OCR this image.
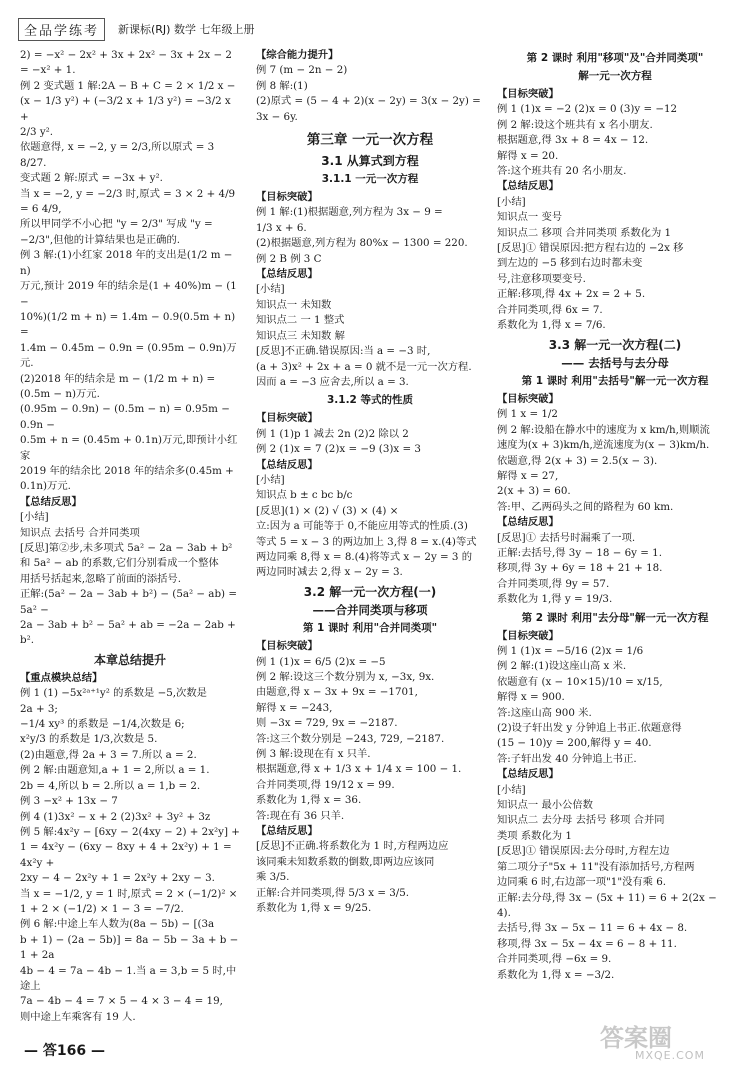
全品学练考	新课标(RJ) 数学 七年级上册

2) = −x² − 2x² + 3x + 2x² − 3x + 2x − 2

= −x² + 1.

例 2 变式题 1 解:2A − B + C = 2 × 1/2 x −

(x − 1/3 y²) + (−3/2 x + 1/3 y²) = −3/2 x +

2/3 y².

依题意得, x = −2, y = 2/3,所以原式 = 3 8/27.

变式题 2 解:原式 = −3x + y².

当 x = −2, y = −2/3 时,原式 = 3 × 2 + 4/9 = 6 4/9,

所以甲同学不小心把 "y = 2/3" 写成 "y =

−2/3",但他的计算结果也是正确的.

例 3 解:(1)小红家 2018 年的支出是(1/2 m − n)

万元,预计 2019 年的结余是(1 + 40%)m − (1 −

10%)(1/2 m + n) = 1.4m − 0.9(0.5m + n) =

1.4m − 0.45m − 0.9n = (0.95m − 0.9n)万元.

(2)2018 年的结余是 m − (1/2 m + n) =

(0.5m − n)万元.

(0.95m − 0.9n) − (0.5m − n) = 0.95m − 0.9n −

0.5m + n = (0.45m + 0.1n)万元,即预计小红家

2019 年的结余比 2018 年的结余多(0.45m +

0.1n)万元.

【总结反思】

[小结]

知识点 去括号 合并同类项

[反思]第②步,未多项式 5a² − 2a − 3ab + b²

和 5a² − ab 的系数,它们分别看成一个整体

用括号括起来,忽略了前面的添括号.

正解:(5a² − 2a − 3ab + b²) − (5a² − ab) = 5a² −

2a − 3ab + b² − 5a² + ab = −2a − 2ab + b².

本章总结提升

【重点模块总结】

例 1 (1) −5x²ᵃ⁺¹y² 的系数是 −5,次数是

2a + 3;

−1/4 xy³ 的系数是 −1/4,次数是 6;

x²y/3 的系数是 1/3,次数是 5.

(2)由题意,得 2a + 3 = 7.所以 a = 2.

例 2 解:由题意知,a + 1 = 2,所以 a = 1.

2b = 4,所以 b = 2.所以 a = 1,b = 2.

例 3 −x² + 13x − 7

例 4 (1)3x² − x + 2 (2)3x² + 3y² + 3z

例 5 解:4x²y − [6xy − 2(4xy − 2) + 2x²y] +

1 = 4x²y − (6xy − 8xy + 4 + 2x²y) + 1 = 4x²y +

2xy − 4 − 2x²y + 1 = 2x²y + 2xy − 3.

当 x = −1/2, y = 1 时,原式 = 2 × (−1/2)² ×

1 + 2 × (−1/2) × 1 − 3 = −7/2.

例 6 解:中途上车人数为(8a − 5b) − [(3a

b + 1) − (2a − 5b)] = 8a − 5b − 3a + b − 1 + 2a

4b − 4 = 7a − 4b − 1.当 a = 3,b = 5 时,中途上

7a − 4b − 4 = 7 × 5 − 4 × 3 − 4 = 19,

则中途上车乘客有 19 人.

【综合能力提升】

例 7 (m − 2n − 2)

例 8 解:(1)

(2)原式 = (5 − 4 + 2)(x − 2y) = 3(x − 2y) =

3x − 6y.

第三章 一元一次方程

3.1 从算式到方程

3.1.1 一元一次方程

【目标突破】

例 1 解:(1)根据题意,列方程为 3x − 9 =

1/3 x + 6.

(2)根据题意,列方程为 80%x − 1300 = 220.

例 2 B 例 3 C

【总结反思】

[小结]

知识点一 未知数

知识点二 一 1 整式

知识点三 未知数 解

[反思]不正确.错误原因:当 a = −3 时,

(a + 3)x² + 2x + a = 0 就不是一元一次方程.

因而 a = −3 应舍去,所以 a = 3.

3.1.2 等式的性质

【目标突破】

例 1 (1)p 1 减去 2n (2)2 除以 2

例 2 (1)x = 7 (2)x = −9 (3)x = 3

【总结反思】

[小结]

知识点 b ± c bc b/c

[反思](1) × (2) √ (3) × (4) ×

立:因为 a 可能等于 0,不能应用等式的性质.(3)

等式 5 = x − 3 的两边加上 3,得 8 = x.(4)等式

两边同乘 8,得 x = 8.(4)将等式 x − 2y = 3 的

两边同时减去 2,得 x − 2y = 3.

3.2 解一元一次方程(一)

——合并同类项与移项

第 1 课时 利用"合并同类项"

【目标突破】

例 1 (1)x = 6/5 (2)x = −5

例 2 解:设这三个数分别为 x, −3x, 9x.

由题意,得 x − 3x + 9x = −1701,

解得 x = −243,

则 −3x = 729, 9x = −2187.

答:这三个数分别是 −243, 729, −2187.

例 3 解:设现在有 x 只羊.

根据题意,得 x + 1/3 x + 1/4 x = 100 − 1.

合并同类项,得 19/12 x = 99.

系数化为 1,得 x = 36.

答:现在有 36 只羊.

【总结反思】

[反思]不正确.将系数化为 1 时,方程两边应

该同乘未知数系数的倒数,即两边应该同

乘 3/5.

正解:合并同类项,得 5/3 x = 3/5.

系数化为 1,得 x = 9/25.

第 2 课时 利用"移项"及"合并同类项"

解一元一次方程

【目标突破】

例 1 (1)x = −2 (2)x = 0 (3)y = −12

例 2 解:设这个班共有 x 名小朋友.

根据题意,得 3x + 8 = 4x − 12.

解得 x = 20.

答:这个班共有 20 名小朋友.

【总结反思】

[小结]

知识点一 变号

知识点二 移项 合并同类项 系数化为 1

[反思]① 错误原因:把方程右边的 −2x 移

到左边的 −5 移到右边时都未变

号,注意移项要变号.

正解:移项,得 4x + 2x = 2 + 5.

合并同类项,得 6x = 7.

系数化为 1,得 x = 7/6.

3.3 解一元一次方程(二)

—— 去括号与去分母

第 1 课时 利用"去括号"解一元一次方程

【目标突破】

例 1 x = 1/2

例 2 解:设船在静水中的速度为 x km/h,则顺流

速度为(x + 3)km/h,逆流速度为(x − 3)km/h.

依题意,得 2(x + 3) = 2.5(x − 3).

解得 x = 27,

2(x + 3) = 60.

答:甲、乙两码头之间的路程为 60 km.

【总结反思】

[反思]① 去括号时漏乘了一项.

正解:去括号,得 3y − 18 − 6y = 1.

移项,得 3y + 6y = 18 + 21 + 18.

合并同类项,得 9y = 57.

系数化为 1,得 y = 19/3.

第 2 课时 利用"去分母"解一元一次方程

【目标突破】

例 1 (1)x = −5/16 (2)x = 1/6

例 2 解:(1)设这座山高 x 米.

依题意有 (x − 10×15)/10 = x/15,

解得 x = 900.

答:这座山高 900 米.

(2)设子轩出发 y 分钟追上书正.依题意得

(15 − 10)y = 200,解得 y = 40.

答:子轩出发 40 分钟追上书正.

【总结反思】

[小结]

知识点一 最小公倍数

知识点二 去分母 去括号 移项 合并同

类项 系数化为 1

[反思]① 错误原因:去分母时,方程左边

第二项分子"5x + 11"没有添加括号,方程两

边同乘 6 时,右边部一项"1"没有乘 6.

正解:去分母,得 3x − (5x + 11) = 6 + 2(2x − 4).

去括号,得 3x − 5x − 11 = 6 + 4x − 8.

移项,得 3x − 5x − 4x = 6 − 8 + 11.

合并同类项,得 −6x = 9.

系数化为 1,得 x = −3/2.

— 答166 —	答案圈
MXQE.COM
